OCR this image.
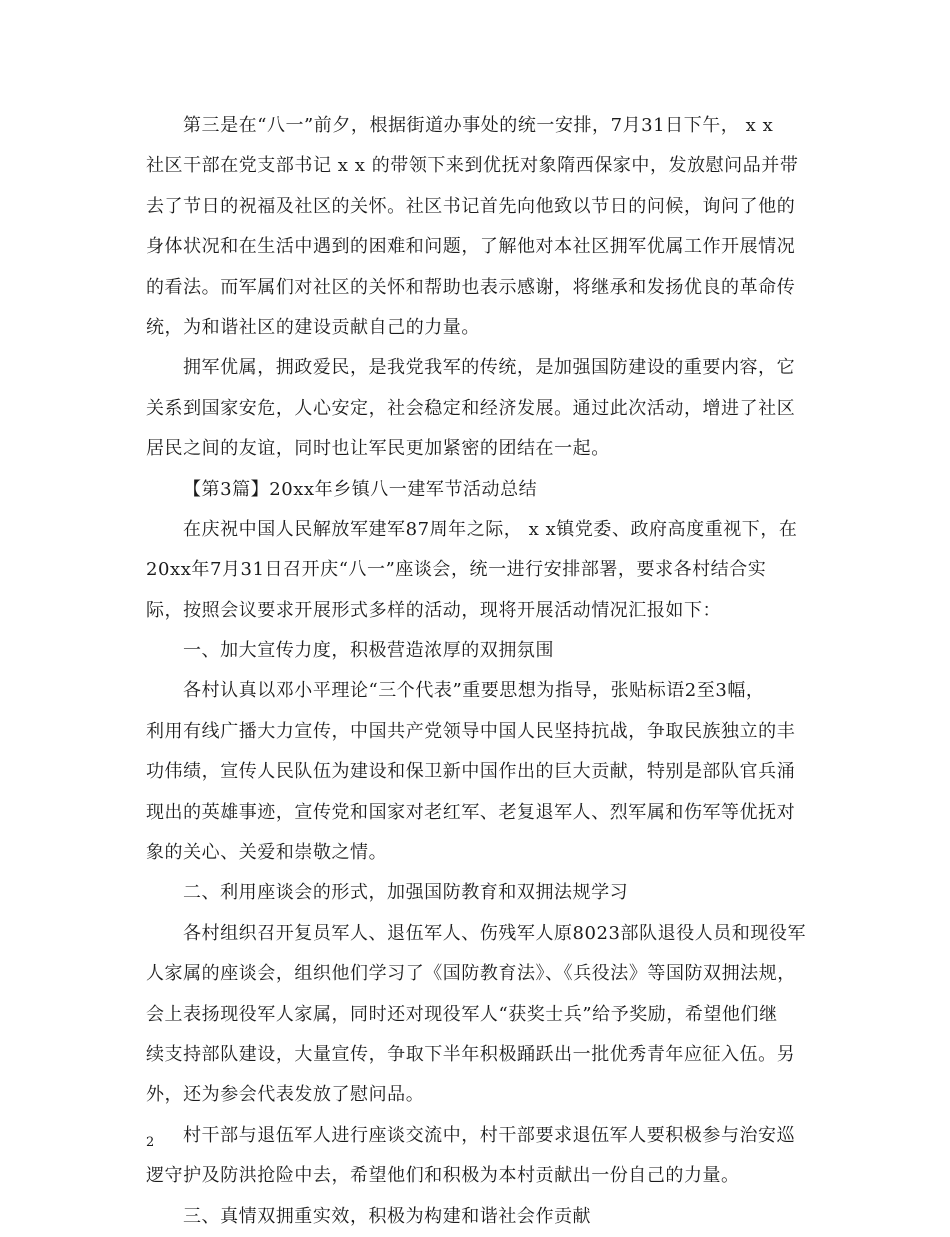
第三是在“八一”前夕，根据街道办事处的统一安排，7月31日下午， x x
社区干部在党支部书记 x x 的带领下来到优抚对象隋西保家中，发放慰问品并带
去了节日的祝福及社区的关怀。社区书记首先向他致以节日的问候，询问了他的
身体状况和在生活中遇到的困难和问题，了解他对本社区拥军优属工作开展情况
的看法。而军属们对社区的关怀和帮助也表示感谢，将继承和发扬优良的革命传
统，为和谐社区的建设贡献自己的力量。
拥军优属，拥政爱民，是我党我军的传统，是加强国防建设的重要内容，它
关系到国家安危，人心安定，社会稳定和经济发展。通过此次活动，增进了社区
居民之间的友谊，同时也让军民更加紧密的团结在一起。
【第3篇】20xx年乡镇八一建军节活动总结
在庆祝中国人民解放军建军87周年之际， x x镇党委、政府高度重视下，在
20xx年7月31日召开庆“八一”座谈会，统一进行安排部署，要求各村结合实
际，按照会议要求开展形式多样的活动，现将开展活动情况汇报如下：
一、加大宣传力度，积极营造浓厚的双拥氛围
各村认真以邓小平理论“三个代表”重要思想为指导，张贴标语2至3幅，
利用有线广播大力宣传，中国共产党领导中国人民坚持抗战，争取民族独立的丰
功伟绩，宣传人民队伍为建设和保卫新中国作出的巨大贡献，特别是部队官兵涌
现出的英雄事迹，宣传党和国家对老红军、老复退军人、烈军属和伤军等优抚对
象的关心、关爱和崇敬之情。
二、利用座谈会的形式，加强国防教育和双拥法规学习
各村组织召开复员军人、退伍军人、伤残军人原8023部队退役人员和现役军
人家属的座谈会，组织他们学习了《国防教育法》、《兵役法》等国防双拥法规，
会上表扬现役军人家属，同时还对现役军人“获奖士兵”给予奖励，希望他们继
续支持部队建设，大量宣传，争取下半年积极踊跃出一批优秀青年应征入伍。另
外，还为参会代表发放了慰问品。
村干部与退伍军人进行座谈交流中，村干部要求退伍军人要积极参与治安巡
逻守护及防洪抢险中去，希望他们和积极为本村贡献出一份自己的力量。
三、真情双拥重实效，积极为构建和谐社会作贡献
2
